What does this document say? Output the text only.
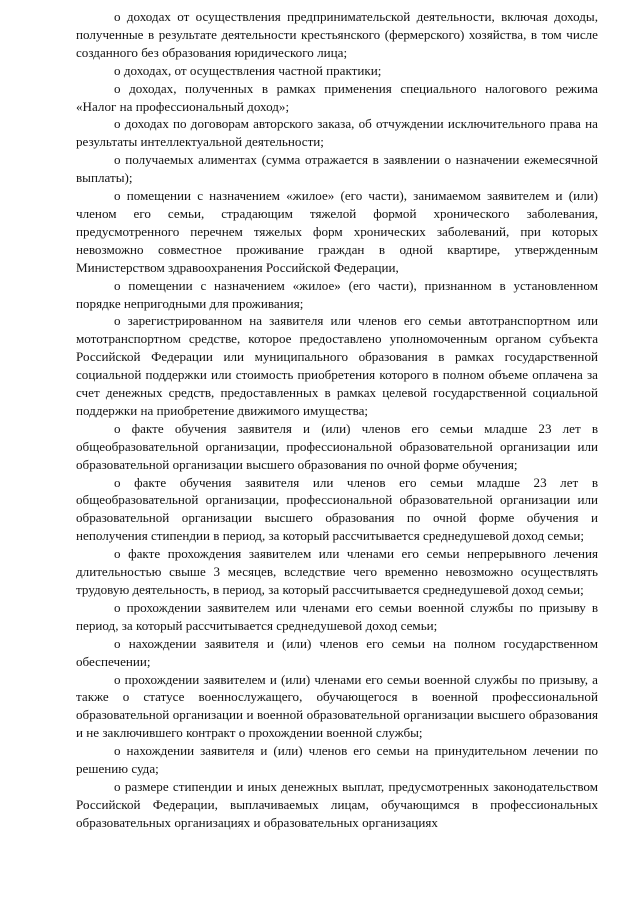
о доходах от осуществления предпринимательской деятельности, включая доходы, полученные в результате деятельности крестьянского (фермерского) хозяйства, в том числе созданного без образования юридического лица;

о доходах, от осуществления частной практики;

о доходах, полученных в рамках применения специального налогового режима «Налог на профессиональный доход»;

о доходах по договорам авторского заказа, об отчуждении исключительного права на результаты интеллектуальной деятельности;

о получаемых алиментах (сумма отражается в заявлении о назначении ежемесячной выплаты);

о помещении с назначением «жилое» (его части), занимаемом заявителем и (или) членом его семьи, страдающим тяжелой формой хронического заболевания, предусмотренного перечнем тяжелых форм хронических заболеваний, при которых невозможно совместное проживание граждан в одной квартире, утвержденным Министерством здравоохранения Российской Федерации,

о помещении с назначением «жилое» (его части), признанном в установленном порядке непригодными для проживания;

о зарегистрированном на заявителя или членов его семьи автотранспортном или мототранспортном средстве, которое предоставлено уполномоченным органом субъекта Российской Федерации или муниципального образования в рамках государственной социальной поддержки или стоимость приобретения которого в полном объеме оплачена за счет денежных средств, предоставленных в рамках целевой государственной социальной поддержки на приобретение движимого имущества;

о факте обучения заявителя и (или) членов его семьи младше 23 лет в общеобразовательной организации, профессиональной образовательной организации или образовательной организации высшего образования по очной форме обучения;

о факте обучения заявителя или членов его семьи младше 23 лет в общеобразовательной организации, профессиональной образовательной организации или образовательной организации высшего образования по очной форме обучения и неполучения стипендии в период, за который рассчитывается среднедушевой доход семьи;

о факте прохождения заявителем или членами его семьи непрерывного лечения длительностью свыше 3 месяцев, вследствие чего временно невозможно осуществлять трудовую деятельность, в период, за который рассчитывается среднедушевой доход семьи;

о прохождении заявителем или членами его семьи военной службы по призыву в период, за который рассчитывается среднедушевой доход семьи;

о нахождении заявителя и (или) членов его семьи на полном государственном обеспечении;

о прохождении заявителем и (или) членами его семьи военной службы по призыву, а также о статусе военнослужащего, обучающегося в военной профессиональной образовательной организации и военной образовательной организации высшего образования и не заключившего контракт о прохождении военной службы;

о нахождении заявителя и (или) членов его семьи на принудительном лечении по решению суда;

о размере стипендии и иных денежных выплат, предусмотренных законодательством Российской Федерации, выплачиваемых лицам, обучающимся в профессиональных образовательных организациях и образовательных организациях
